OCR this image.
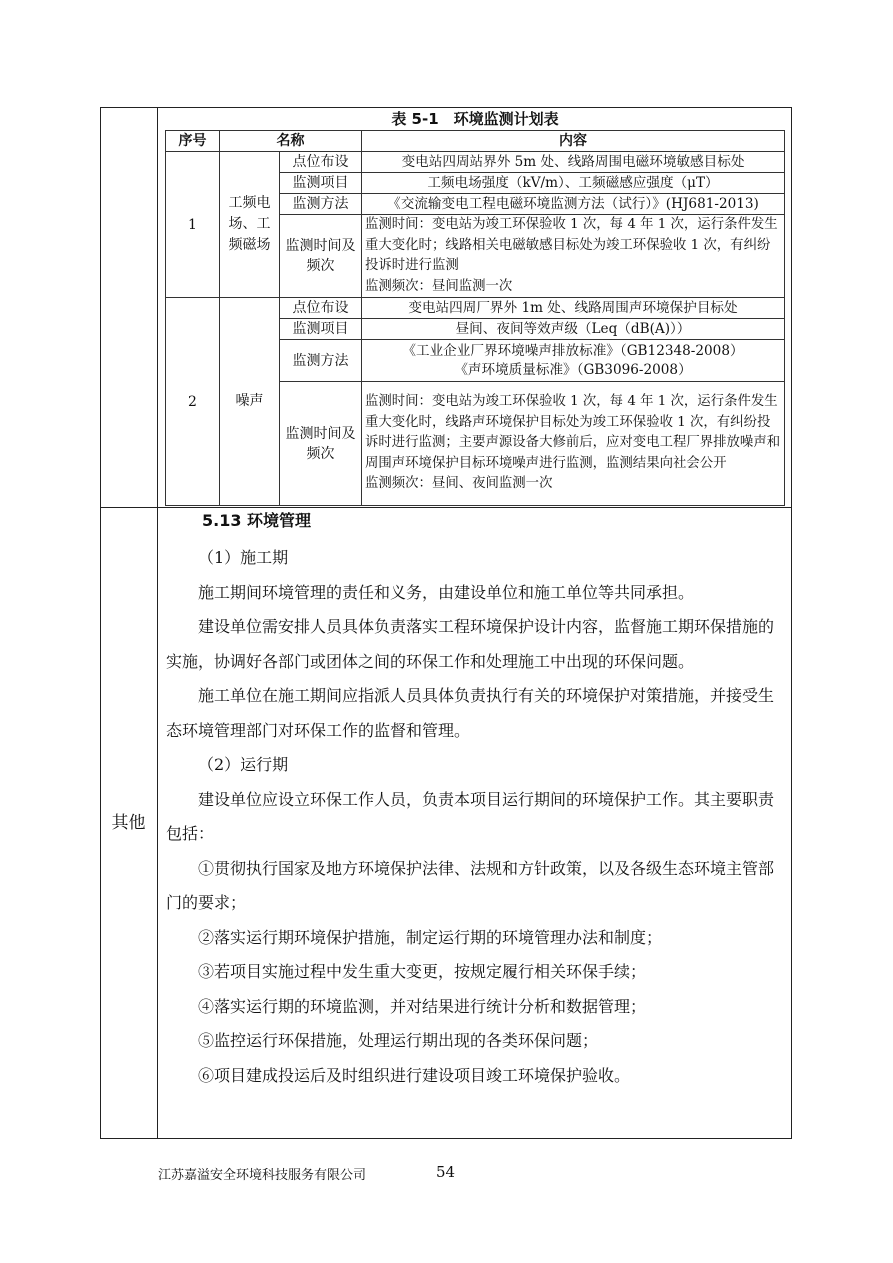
其他
表 5-1　环境监测计划表
序号	名称		内容
1	工频电场、工频磁场	点位布设	变电站四周站界外 5m 处、线路周围电磁环境敏感目标处
		监测项目	工频电场强度（kV/m）、工频磁感应强度（μT）
		监测方法	《交流输变电工程电磁环境监测方法（试行）》(HJ681-2013)
		监测时间及频次	监测时间：变电站为竣工环保验收 1 次，每 4 年 1 次，运行条件发生重大变化时；线路相关电磁敏感目标处为竣工环保验收 1 次，有纠纷投诉时进行监测
监测频次：昼间监测一次
2	噪声	点位布设	变电站四周厂界外 1m 处、线路周围声环境保护目标处
		监测项目	昼间、夜间等效声级（Leq（dB(A)））
		监测方法	《工业企业厂界环境噪声排放标准》（GB12348-2008）
《声环境质量标准》（GB3096-2008）
		监测时间及频次	监测时间：变电站为竣工环保验收 1 次，每 4 年 1 次，运行条件发生重大变化时，线路声环境保护目标处为竣工环保验收 1 次，有纠纷投诉时进行监测；主要声源设备大修前后，应对变电工程厂界排放噪声和周围声环境保护目标环境噪声进行监测，监测结果向社会公开
监测频次：昼间、夜间监测一次

5.13 环境管理

（1）施工期

施工期间环境管理的责任和义务，由建设单位和施工单位等共同承担。

建设单位需安排人员具体负责落实工程环境保护设计内容，监督施工期环保措施的实施，协调好各部门或团体之间的环保工作和处理施工中出现的环保问题。

施工单位在施工期间应指派人员具体负责执行有关的环境保护对策措施，并接受生态环境管理部门对环保工作的监督和管理。

（2）运行期

建设单位应设立环保工作人员，负责本项目运行期间的环境保护工作。其主要职责包括：

①贯彻执行国家及地方环境保护法律、法规和方针政策，以及各级生态环境主管部门的要求；

②落实运行期环境保护措施，制定运行期的环境管理办法和制度；

③若项目实施过程中发生重大变更，按规定履行相关环保手续；

④落实运行期的环境监测，并对结果进行统计分析和数据管理；

⑤监控运行环保措施，处理运行期出现的各类环保问题；

⑥项目建成投运后及时组织进行建设项目竣工环境保护验收。

江苏嘉溢安全环境科技服务有限公司	54
